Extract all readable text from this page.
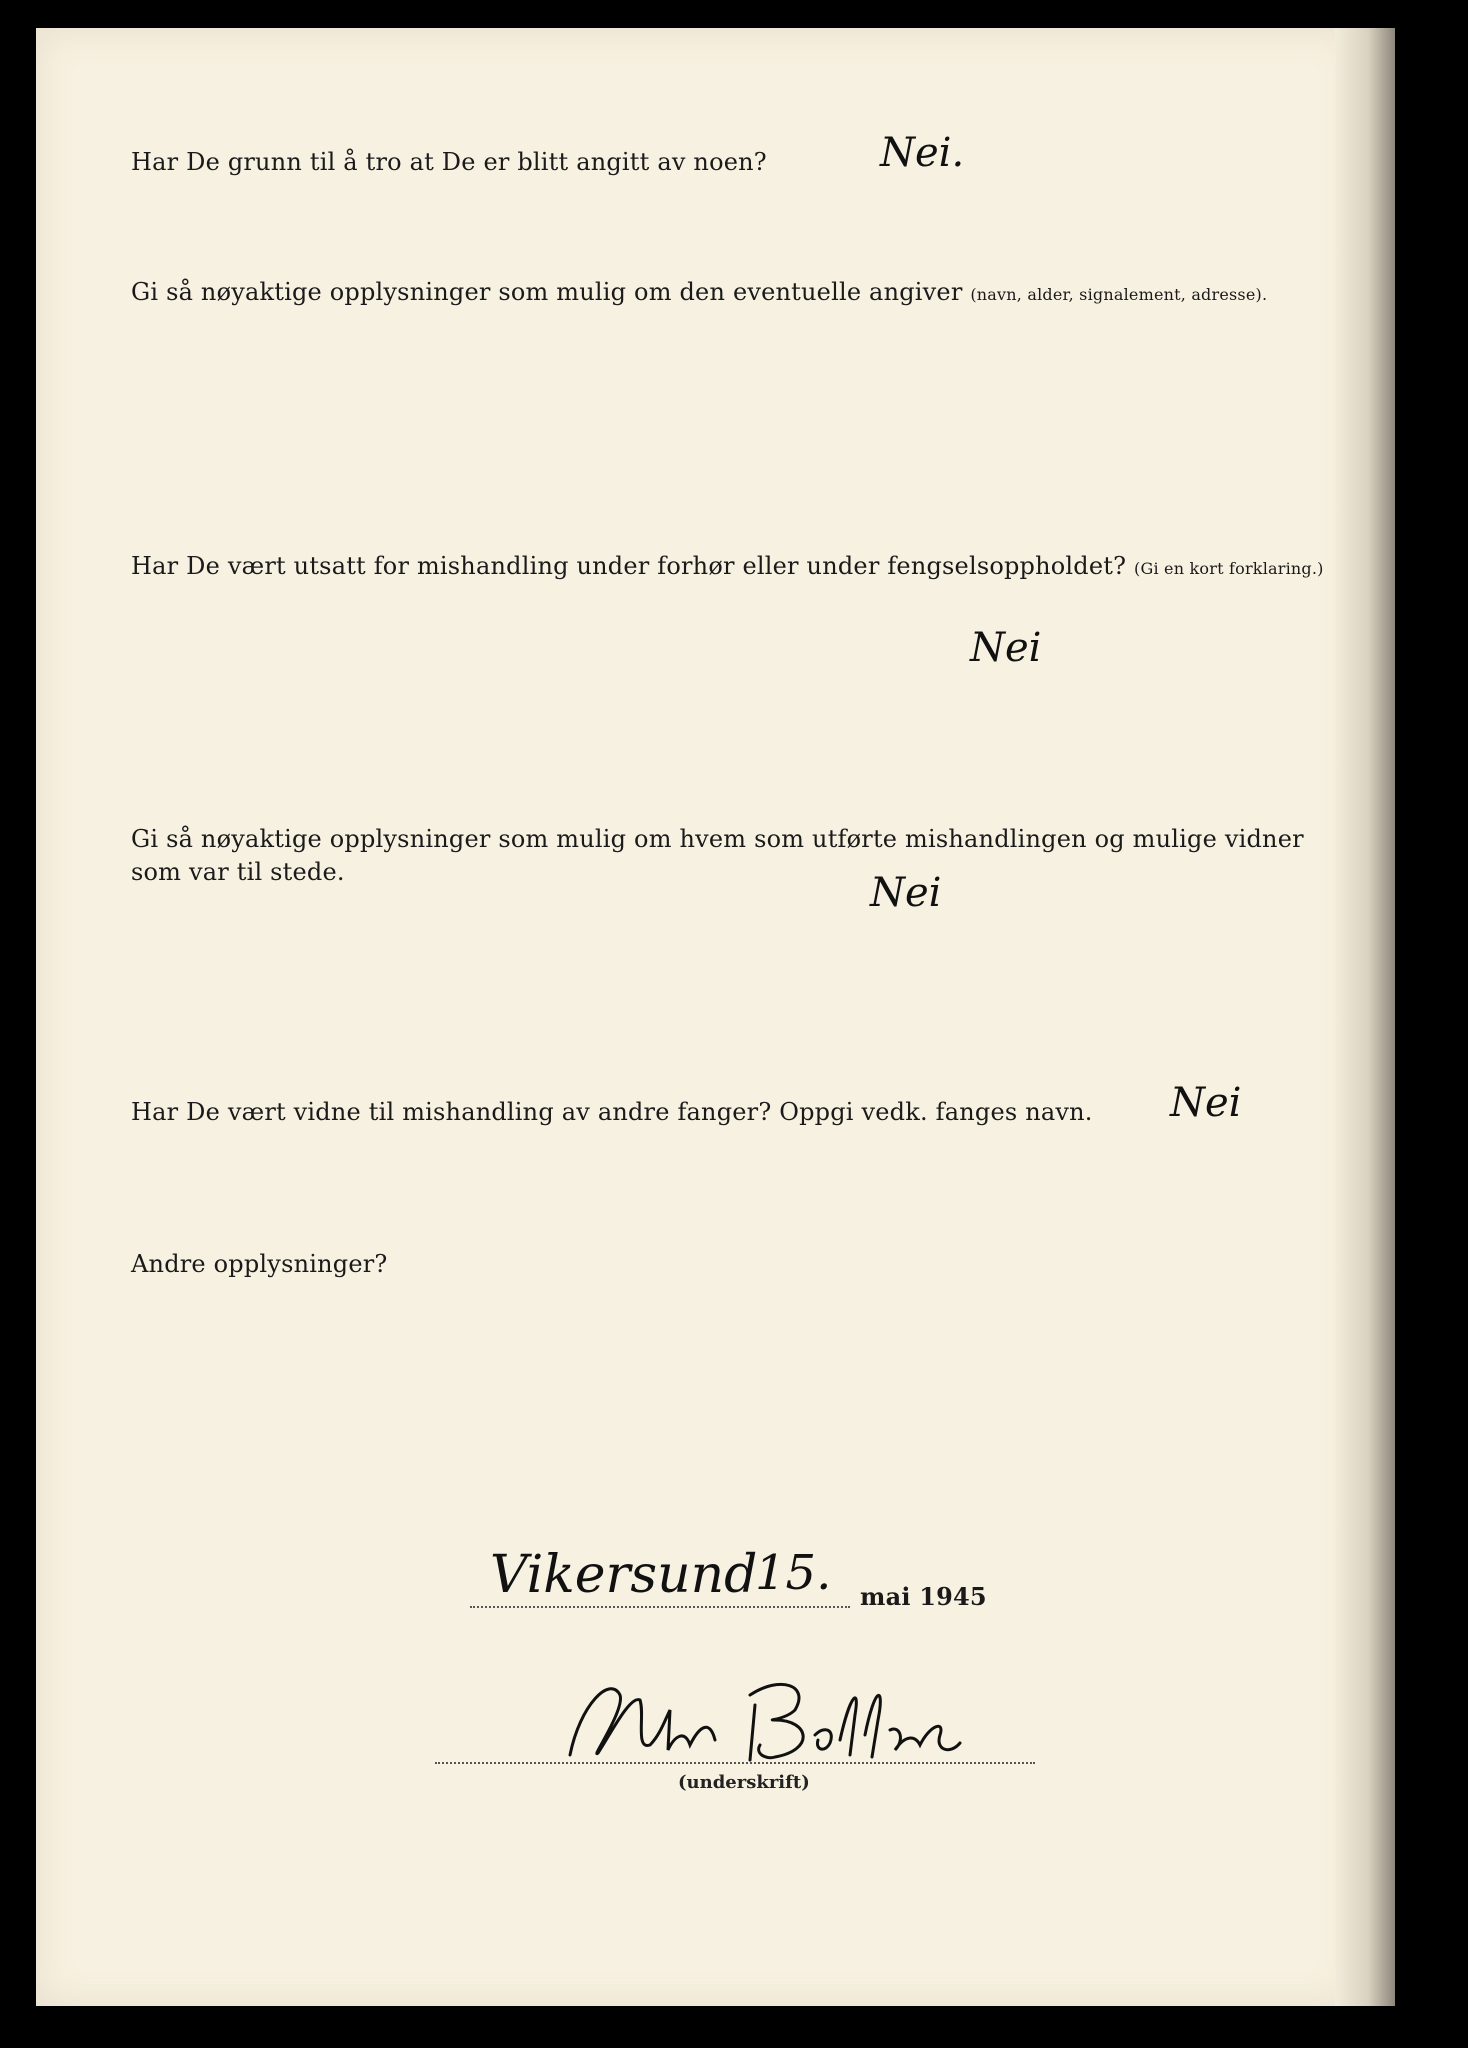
Har De grunn til å tro at De er blitt angitt av noen?	Nei.
Gi så nøyaktige opplysninger som mulig om den eventuelle angiver (navn, alder, signalement, adresse).
Har De vært utsatt for mishandling under forhør eller under fengselsoppholdet? (Gi en kort forklaring.)
Nei
Gi så nøyaktige opplysninger som mulig om hvem som utførte mishandlingen og mulige vidner
som var til stede.	Nei
Har De vært vidne til mishandling av andre fanger? Oppgi vedk. fanges navn. Nei
Andre opplysninger?
Vikersund
15. mai 1945
(underskrift)
